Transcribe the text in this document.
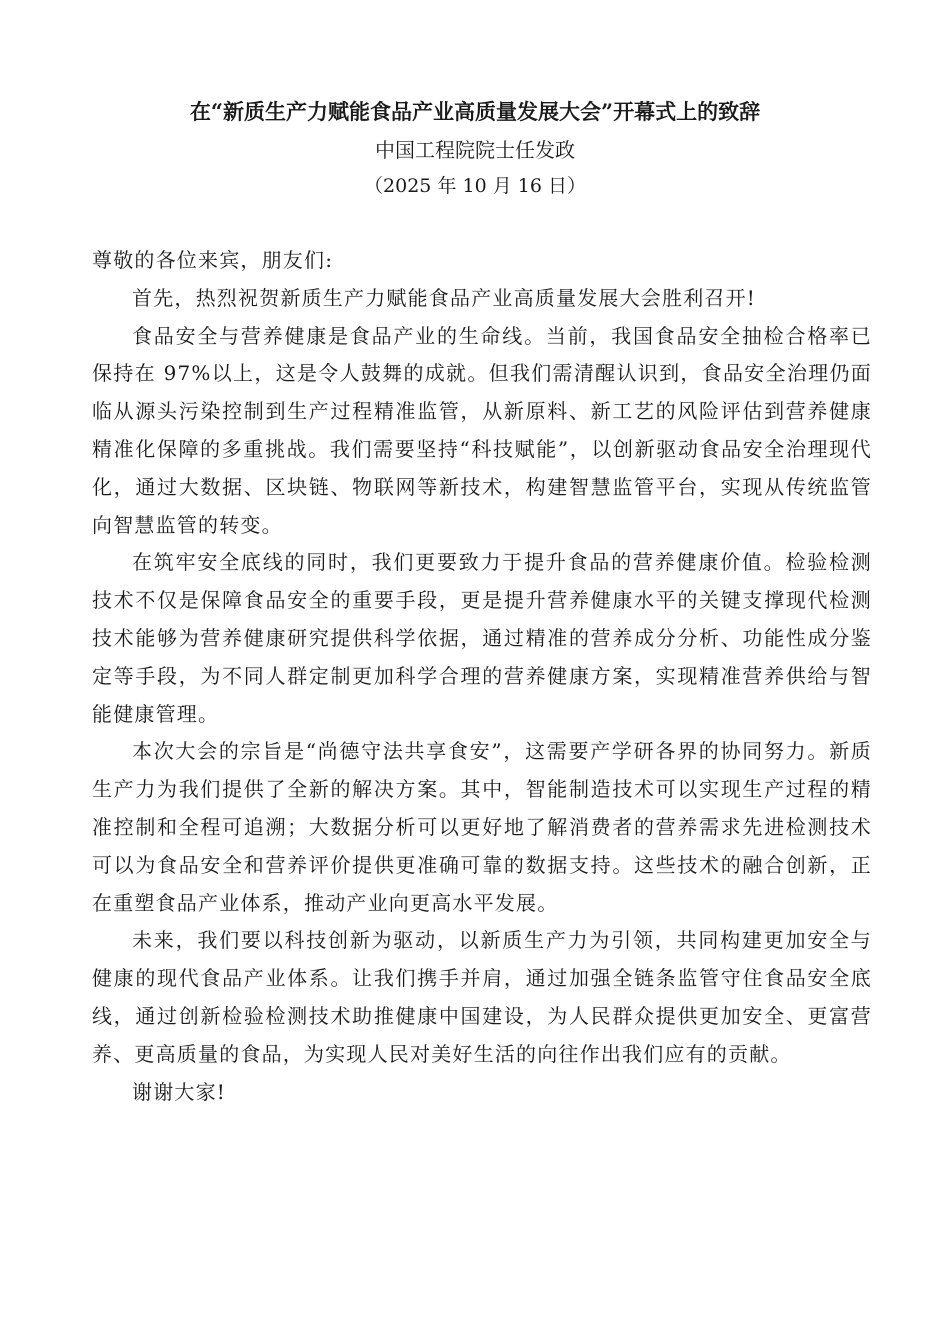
在“新质生产力赋能食品产业高质量发展大会”开幕式上的致辞
中国工程院院士任发政
（2025 年 10 月 16 日）

尊敬的各位来宾，朋友们:

首先，热烈祝贺新质生产力赋能食品产业高质量发展大会胜利召开!

食品安全与营养健康是食品产业的生命线。当前，我国食品安全抽检合格率已保持在 97%以上，这是令人鼓舞的成就。但我们需清醒认识到，食品安全治理仍面临从源头污染控制到生产过程精准监管，从新原料、新工艺的风险评估到营养健康精准化保障的多重挑战。我们需要坚持“科技赋能”，以创新驱动食品安全治理现代化，通过大数据、区块链、物联网等新技术，构建智慧监管平台，实现从传统监管向智慧监管的转变。

在筑牢安全底线的同时，我们更要致力于提升食品的营养健康价值。检验检测技术不仅是保障食品安全的重要手段，更是提升营养健康水平的关键支撑现代检测技术能够为营养健康研究提供科学依据，通过精准的营养成分分析、功能性成分鉴定等手段，为不同人群定制更加科学合理的营养健康方案，实现精准营养供给与智能健康管理。

本次大会的宗旨是“尚德守法共享食安”，这需要产学研各界的协同努力。新质生产力为我们提供了全新的解决方案。其中，智能制造技术可以实现生产过程的精准控制和全程可追溯；大数据分析可以更好地了解消费者的营养需求先进检测技术可以为食品安全和营养评价提供更准确可靠的数据支持。这些技术的融合创新，正在重塑食品产业体系，推动产业向更高水平发展。

未来，我们要以科技创新为驱动，以新质生产力为引领，共同构建更加安全与健康的现代食品产业体系。让我们携手并肩，通过加强全链条监管守住食品安全底线，通过创新检验检测技术助推健康中国建设，为人民群众提供更加安全、更富营养、更高质量的食品，为实现人民对美好生活的向往作出我们应有的贡献。

谢谢大家!
